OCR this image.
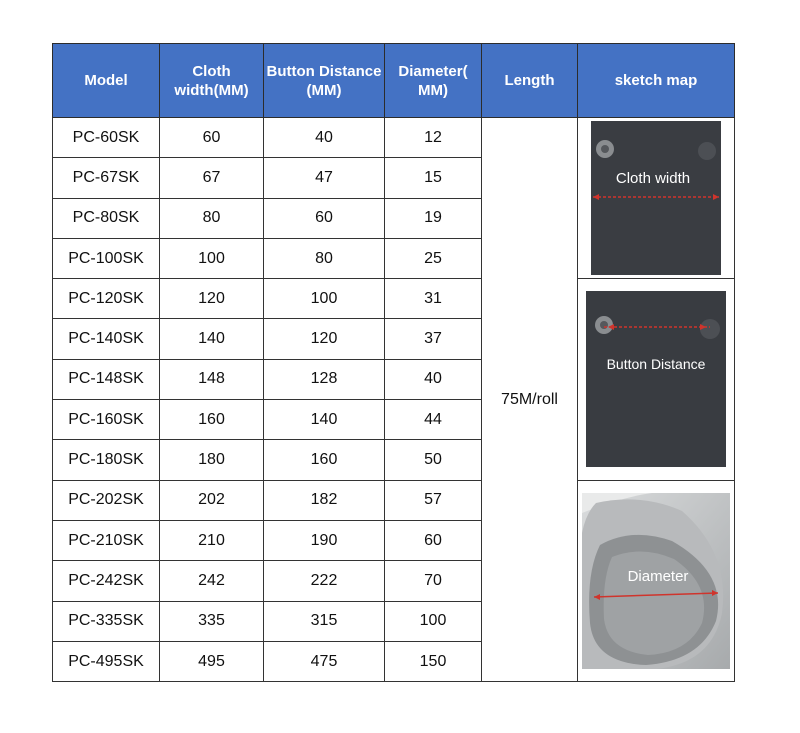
Model	Cloth width(MM)	Button Distance (MM)	Diameter( MM)	Length	sketch map
PC-60SK	60	40	12	75M/roll	Cloth width

PC-67SK	67	47	15		
PC-80SK	80	60	19		
PC-100SK	100	80	25		
PC-120SK	120	100	31		Button Distance

PC-140SK	140	120	37		
PC-148SK	148	128	40		
PC-160SK	160	140	44		
PC-180SK	180	160	50		
PC-202SK	202	182	57		Diameter

PC-210SK	210	190	60		
PC-242SK	242	222	70		
PC-335SK	335	315	100		
PC-495SK	495	475	150		
